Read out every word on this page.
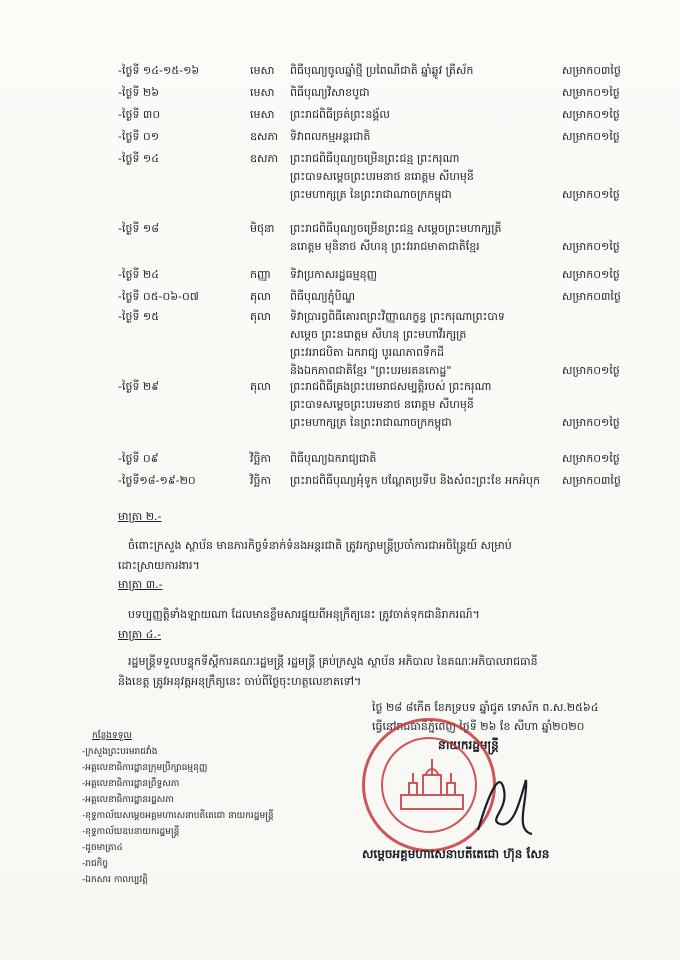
-ថ្ងៃទី ១៤-១៥-១៦	មេសា	ពិធីបុណ្យចូលឆ្នាំថ្មី ប្រពៃណីជាតិ ឆ្នាំឆ្លូវ ត្រីស័ក	សម្រាក០៣ថ្ងៃ
-ថ្ងៃទី ២៦	មេសា	ពិធីបុណ្យវិសាខបូជា	សម្រាក០១ថ្ងៃ
-ថ្ងៃទី ៣០	មេសា	ព្រះរាជពិធីច្រត់ព្រះនង្គ័ល	សម្រាក០១ថ្ងៃ
-ថ្ងៃទី ០១	ឧសភា	ទិវាពលកម្មអន្តរជាតិ	សម្រាក០១ថ្ងៃ
-ថ្ងៃទី ១៤	ឧសភា	ព្រះរាជពិធីបុណ្យចម្រើនព្រះជន្ម ព្រះករុណា
ព្រះបាទសម្ដេចព្រះបរមនាថ នរោត្តម សីហមុនី
ព្រះមហាក្សត្រ នៃព្រះរាជាណាចក្រកម្ពុជា	សម្រាក០១ថ្ងៃ
-ថ្ងៃទី ១៨	មិថុនា	ព្រះរាជពិធីបុណ្យចម្រើនព្រះជន្ម សម្ដេចព្រះមហាក្សត្រី
នរោត្តម មុនិនាថ សីហនុ ព្រះវររាជមាតាជាតិខ្មែរ	សម្រាក០១ថ្ងៃ
-ថ្ងៃទី ២៤	កញ្ញា	ទិវាប្រកាសរដ្ឋធម្មនុញ្ញ	សម្រាក០១ថ្ងៃ
-ថ្ងៃទី ០៥-០៦-០៧	តុលា	ពិធីបុណ្យភ្ជុំបិណ្ឌ	សម្រាក០៣ថ្ងៃ
-ថ្ងៃទី ១៥	តុលា	ទិវាប្រារព្វពិធីគោរពព្រះវិញ្ញាណក្ខន្ធ ព្រះករុណាព្រះបាទ
សម្ដេច ព្រះនរោត្តម សីហនុ ព្រះមហាវីរក្សត្រ
ព្រះវររាជបិតា ឯករាជ្យ បូរណភាពទឹកដី
និងឯកភាពជាតិខ្មែរ "ព្រះបរមរតនកោដ្ឋ"	សម្រាក០១ថ្ងៃ
-ថ្ងៃទី ២៩	តុលា	ព្រះរាជពិធីគ្រងព្រះបរមរាជសម្បត្តិរបស់ ព្រះករុណា
ព្រះបាទសម្ដេចព្រះបរមនាថ នរោត្តម សីហមុនី
ព្រះមហាក្សត្រ នៃព្រះរាជាណាចក្រកម្ពុជា	សម្រាក០១ថ្ងៃ
-ថ្ងៃទី ០៩	វិច្ឆិកា	ពិធីបុណ្យឯករាជ្យជាតិ	សម្រាក០១ថ្ងៃ
-ថ្ងៃទី១៨-១៩-២០	វិច្ឆិកា	ព្រះរាជពិធីបុណ្យអុំទូក បណ្តែតប្រទីប និងសំពះព្រះខែ អកអំបុក	សម្រាក០៣ថ្ងៃ
មាត្រា ២.-
ចំពោះក្រសួង ស្ថាប័ន មានភារកិច្ចទំនាក់ទំនងអន្តរជាតិ ត្រូវរក្សាមន្ត្រីប្រចាំការជាអចិន្ត្រៃយ៍ សម្រាប់
ដោះស្រាយការងារ។
មាត្រា ៣.-
បទប្បញ្ញត្តិទាំងឡាយណា ដែលមានខ្លឹមសារផ្ទុយពីអនុក្រឹត្យនេះ ត្រូវចាត់ទុកជានិរាករណ៍។
មាត្រា ៤.-
រដ្ឋមន្ត្រីទទួលបន្ទុកទីស្ដីការគណៈរដ្ឋមន្ត្រី រដ្ឋមន្ត្រី គ្រប់ក្រសួង ស្ថាប័ន អភិបាល នៃគណៈអភិបាលរាជធានី
និងខេត្ត ត្រូវអនុវត្តអនុក្រឹត្យនេះ ចាប់ពីថ្ងៃចុះហត្ថលេខាតទៅ។
ថ្ងៃ ២៨ ៨កើត ខែភទ្របទ ឆ្នាំជូត ទោស័ក ព.ស.២៥៦៤
ធ្វើនៅរាជធានីភ្នំពេញ ថ្ងៃទី ២៦ ខែ សីហា ឆ្នាំ២០២០
នាយករដ្ឋមន្ត្រី
សម្តេចអគ្គមហាសេនាបតីតេជោ ហ៊ុន សែន
កន្លែងទទួល
-ក្រសួងព្រះបរមរាជវាំង
-អគ្គលេខាធិការដ្ឋានក្រុមប្រឹក្សាធម្មនុញ្ញ
-អគ្គលេខាធិការដ្ឋានព្រឹទ្ធសភា
-អគ្គលេខាធិការដ្ឋានរដ្ឋសភា
-ខុទ្ទកាល័យសម្ដេចអគ្គមហាសេនាបតីតេជោ នាយករដ្ឋមន្ត្រី
-ខុទ្ទកាល័យឧបនាយករដ្ឋមន្ត្រី
-ដូចមាត្រា៤
-រាជកិច្ច
-ឯកសារ កាលប្បវត្តិ
